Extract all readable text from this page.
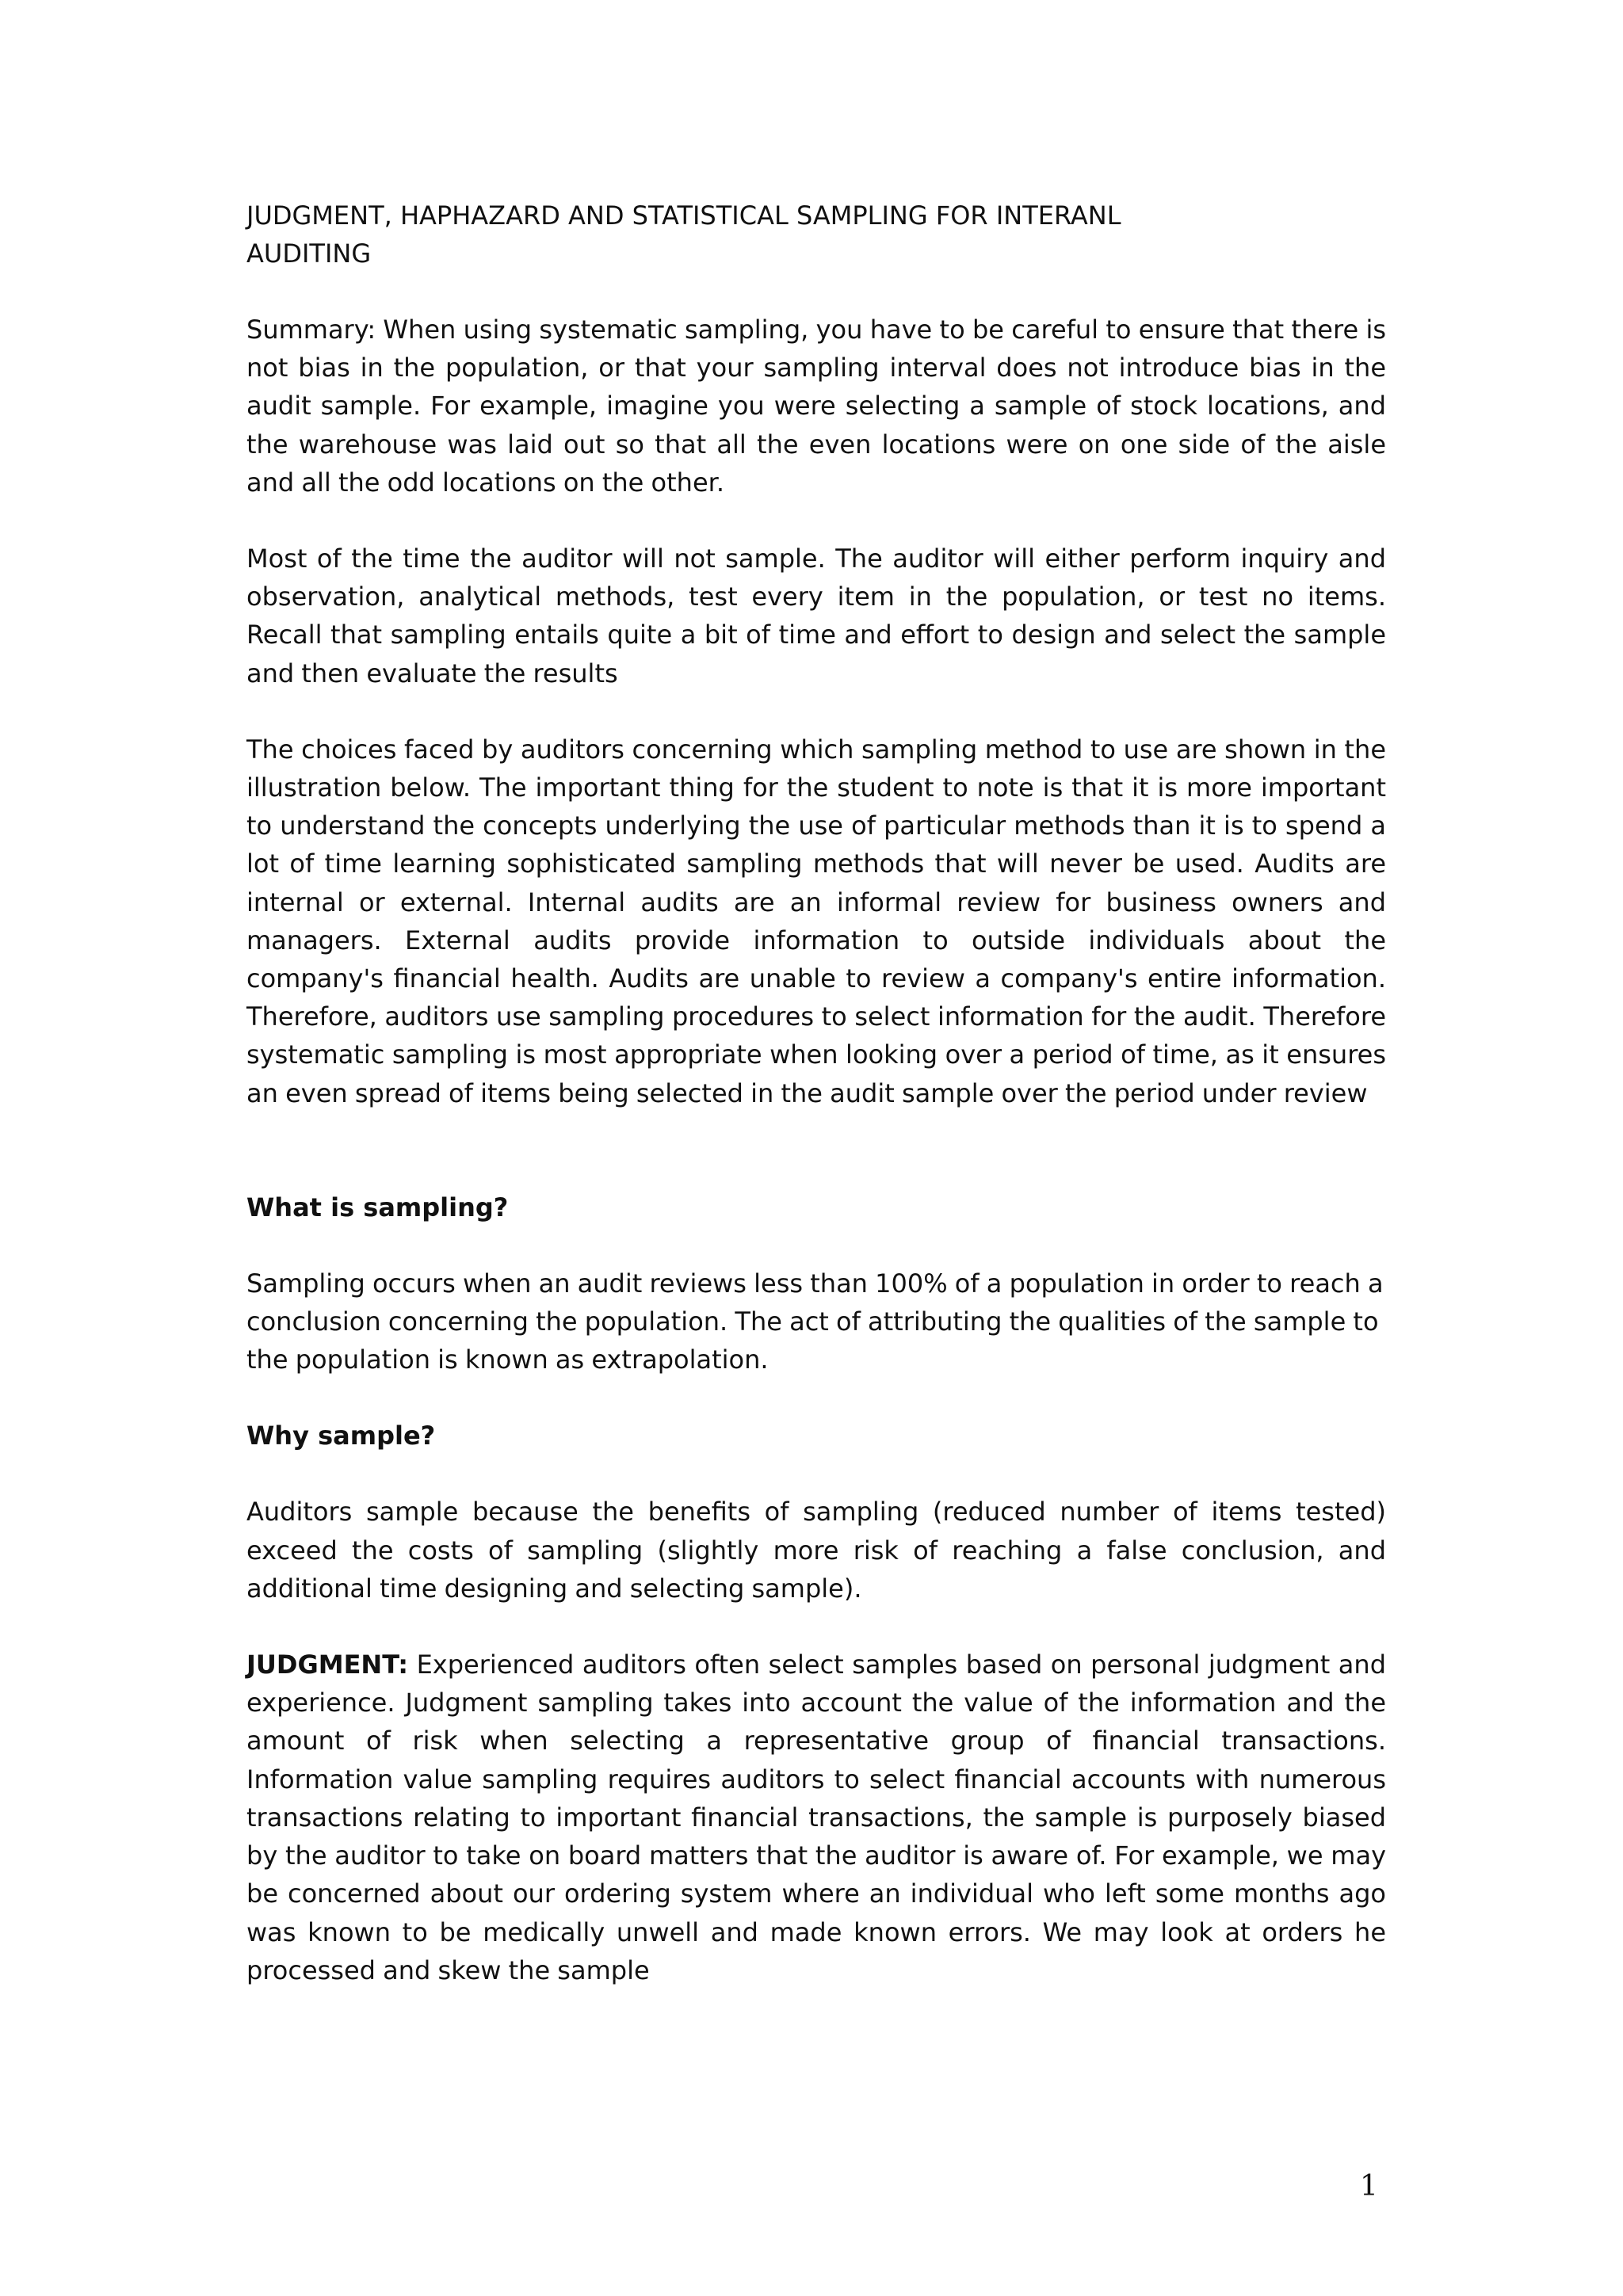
JUDGMENT, HAPHAZARD AND STATISTICAL SAMPLING FOR INTERANL AUDITING

Summary: When using systematic sampling, you have to be careful to ensure that there is not bias in the population, or that your sampling interval does not introduce bias in the audit sample. For example, imagine you were selecting a sample of stock locations, and the warehouse was laid out so that all the even locations were on one side of the aisle and all the odd locations on the other.

Most of the time the auditor will not sample. The auditor will either perform inquiry and observation, analytical methods, test every item in the population, or test no items. Recall that sampling entails quite a bit of time and effort to design and select the sample and then evaluate the results

The choices faced by auditors concerning which sampling method to use are shown in the illustration below. The important thing for the student to note is that it is more important to understand the concepts underlying the use of particular methods than it is to spend a lot of time learning sophisticated sampling methods that will never be used. Audits are internal or external. Internal audits are an informal review for business owners and managers. External audits provide information to outside individuals about the company's financial health. Audits are unable to review a company's entire information. Therefore, auditors use sampling procedures to select information for the audit. Therefore systematic sampling is most appropriate when looking over a period of time, as it ensures an even spread of items being selected in the audit sample over the period under review

What is sampling?

Sampling occurs when an audit reviews less than 100% of a population in order to reach a conclusion concerning the population. The act of attributing the qualities of the sample to the population is known as extrapolation.

Why sample?

Auditors sample because the benefits of sampling (reduced number of items tested) exceed the costs of sampling (slightly more risk of reaching a false conclusion, and additional time designing and selecting sample).

JUDGMENT: Experienced auditors often select samples based on personal judgment and experience. Judgment sampling takes into account the value of the information and the amount of risk when selecting a representative group of financial transactions. Information value sampling requires auditors to select financial accounts with numerous transactions relating to important financial transactions, the sample is purposely biased by the auditor to take on board matters that the auditor is aware of. For example, we may be concerned about our ordering system where an individual who left some months ago was known to be medically unwell and made known errors. We may look at orders he processed and skew the sample

1
